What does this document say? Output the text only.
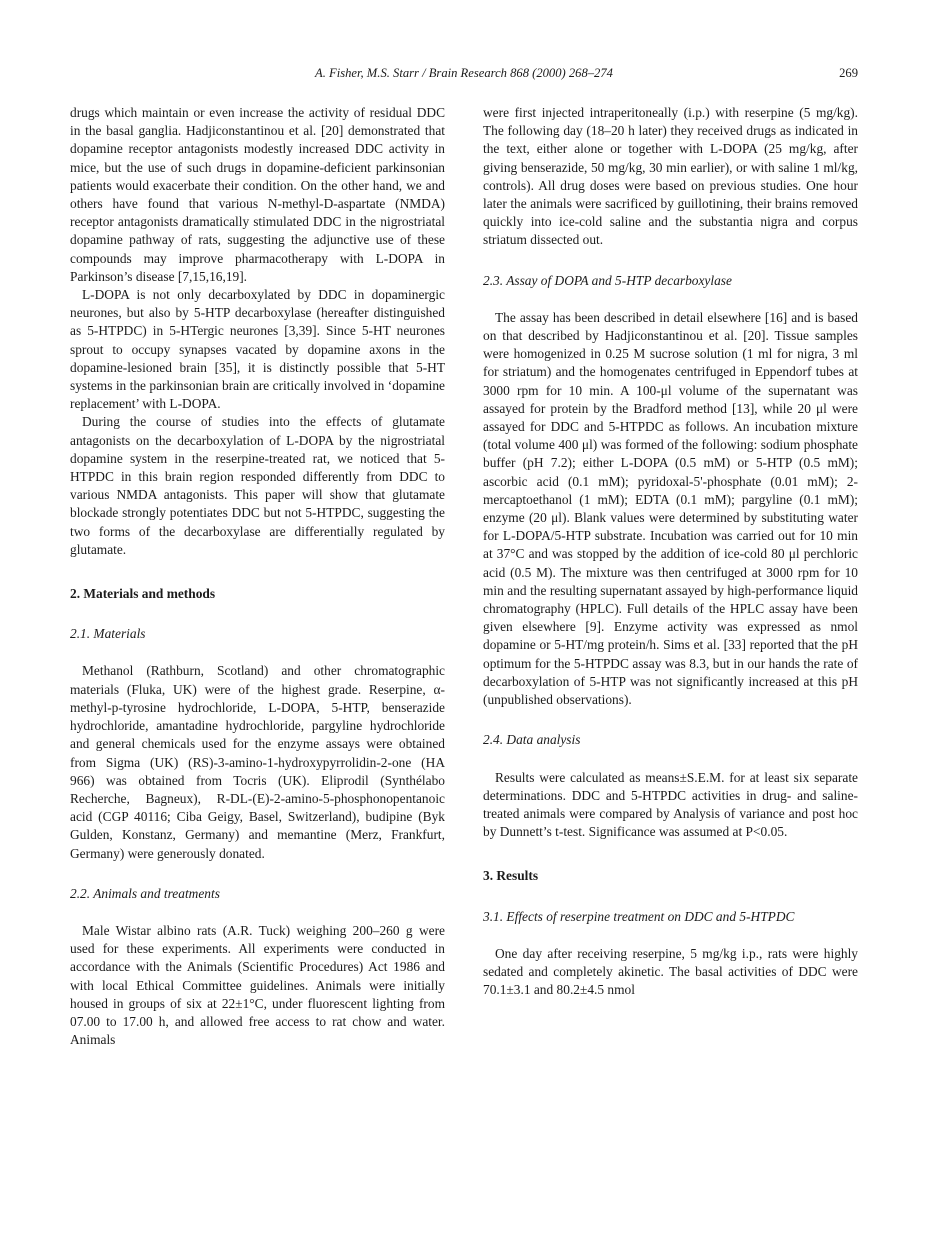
A. Fisher, M.S. Starr / Brain Research 868 (2000) 268–274	269

drugs which maintain or even increase the activity of residual DDC in the basal ganglia. Hadjiconstantinou et al. [20] demonstrated that dopamine receptor antagonists modestly increased DDC activity in mice, but the use of such drugs in dopamine-deficient parkinsonian patients would exacerbate their condition. On the other hand, we and others have found that various N-methyl-D-aspartate (NMDA) receptor antagonists dramatically stimulated DDC in the nigrostriatal dopamine pathway of rats, suggesting the adjunctive use of these compounds may improve pharmacotherapy with L-DOPA in Parkinson’s disease [7,15,16,19].

L-DOPA is not only decarboxylated by DDC in dopaminergic neurones, but also by 5-HTP decarboxylase (hereafter distinguished as 5-HTPDC) in 5-HTergic neurones [3,39]. Since 5-HT neurones sprout to occupy synapses vacated by dopamine axons in the dopamine-lesioned brain [35], it is distinctly possible that 5-HT systems in the parkinsonian brain are critically involved in ‘dopamine replacement’ with L-DOPA.

During the course of studies into the effects of glutamate antagonists on the decarboxylation of L-DOPA by the nigrostriatal dopamine system in the reserpine-treated rat, we noticed that 5-HTPDC in this brain region responded differently from DDC to various NMDA antagonists. This paper will show that glutamate blockade strongly potentiates DDC but not 5-HTPDC, suggesting the two forms of the decarboxylase are differentially regulated by glutamate.

2. Materials and methods
2.1. Materials

Methanol (Rathburn, Scotland) and other chromatographic materials (Fluka, UK) were of the highest grade. Reserpine, α-methyl-p-tyrosine hydrochloride, L-DOPA, 5-HTP, benserazide hydrochloride, amantadine hydrochloride, pargyline hydrochloride and general chemicals used for the enzyme assays were obtained from Sigma (UK) (RS)-3-amino-1-hydroxypyrrolidin-2-one (HA 966) was obtained from Tocris (UK). Eliprodil (Synthélabo Recherche, Bagneux), R-DL-(E)-2-amino-5-phosphonopentanoic acid (CGP 40116; Ciba Geigy, Basel, Switzerland), budipine (Byk Gulden, Konstanz, Germany) and memantine (Merz, Frankfurt, Germany) were generously donated.

2.2. Animals and treatments

Male Wistar albino rats (A.R. Tuck) weighing 200–260 g were used for these experiments. All experiments were conducted in accordance with the Animals (Scientific Procedures) Act 1986 and with local Ethical Committee guidelines. Animals were initially housed in groups of six at 22±1°C, under fluorescent lighting from 07.00 to 17.00 h, and allowed free access to rat chow and water. Animals

were first injected intraperitoneally (i.p.) with reserpine (5 mg/kg). The following day (18–20 h later) they received drugs as indicated in the text, either alone or together with L-DOPA (25 mg/kg, after giving benserazide, 50 mg/kg, 30 min earlier), or with saline 1 ml/kg, controls). All drug doses were based on previous studies. One hour later the animals were sacrificed by guillotining, their brains removed quickly into ice-cold saline and the substantia nigra and corpus striatum dissected out.

2.3. Assay of DOPA and 5-HTP decarboxylase

The assay has been described in detail elsewhere [16] and is based on that described by Hadjiconstantinou et al. [20]. Tissue samples were homogenized in 0.25 M sucrose solution (1 ml for nigra, 3 ml for striatum) and the homogenates centrifuged in Eppendorf tubes at 3000 rpm for 10 min. A 100-μl volume of the supernatant was assayed for protein by the Bradford method [13], while 20 μl were assayed for DDC and 5-HTPDC as follows. An incubation mixture (total volume 400 μl) was formed of the following: sodium phosphate buffer (pH 7.2); either L-DOPA (0.5 mM) or 5-HTP (0.5 mM); ascorbic acid (0.1 mM); pyridoxal-5'-phosphate (0.01 mM); 2-mercaptoethanol (1 mM); EDTA (0.1 mM); pargyline (0.1 mM); enzyme (20 μl). Blank values were determined by substituting water for L-DOPA/5-HTP substrate. Incubation was carried out for 10 min at 37°C and was stopped by the addition of ice-cold 80 μl perchloric acid (0.5 M). The mixture was then centrifuged at 3000 rpm for 10 min and the resulting supernatant assayed by high-performance liquid chromatography (HPLC). Full details of the HPLC assay have been given elsewhere [9]. Enzyme activity was expressed as nmol dopamine or 5-HT/mg protein/h. Sims et al. [33] reported that the pH optimum for the 5-HTPDC assay was 8.3, but in our hands the rate of decarboxylation of 5-HTP was not significantly increased at this pH (unpublished observations).

2.4. Data analysis

Results were calculated as means±S.E.M. for at least six separate determinations. DDC and 5-HTPDC activities in drug- and saline-treated animals were compared by Analysis of variance and post hoc by Dunnett’s t-test. Significance was assumed at P<0.05.

3. Results
3.1. Effects of reserpine treatment on DDC and 5-HTPDC

One day after receiving reserpine, 5 mg/kg i.p., rats were highly sedated and completely akinetic. The basal activities of DDC were 70.1±3.1 and 80.2±4.5 nmol
